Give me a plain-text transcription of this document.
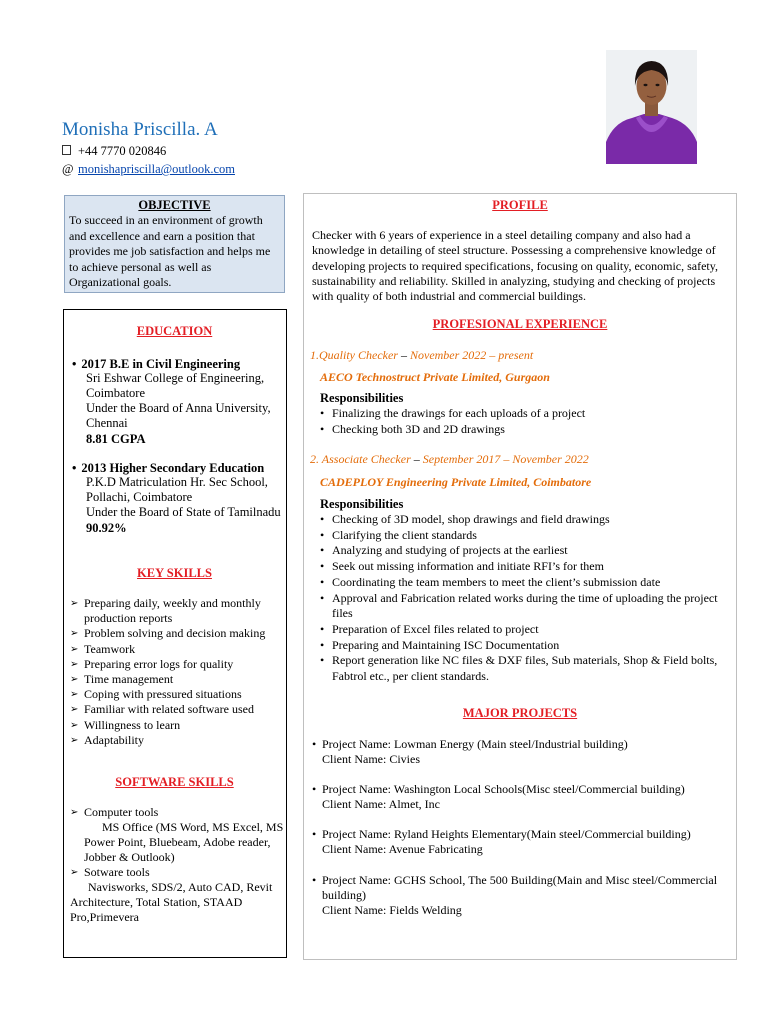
Monisha Priscilla. A
+44 7770 020846
@ monishapriscilla@outlook.com
OBJECTIVE
To succeed in an environment of growth and excellence and earn a position that provides me job satisfaction and helps me to achieve personal as well as Organizational goals.
EDUCATION
• 2017 B.E in Civil Engineering
Sri Eshwar College of Engineering,
Coimbatore
Under the Board of Anna University,
Chennai
8.81 CGPA
• 2013 Higher Secondary Education
P.K.D Matriculation Hr. Sec School,
Pollachi, Coimbatore
Under the Board of State of Tamilnadu
90.92%
KEY SKILLS
➢ Preparing daily, weekly and monthly production reports
➢ Problem solving and decision making
➢ Teamwork
➢ Preparing error logs for quality
➢ Time management
➢ Coping with pressured situations
➢ Familiar with related software used
➢ Willingness to learn
➢ Adaptability
SOFTWARE SKILLS
➢ Computer tools
MS Office (MS Word, MS Excel, MS Power Point, Bluebeam, Adobe reader, Jobber & Outlook)
➢ Sotware tools
Navisworks, SDS/2, Auto CAD, Revit Architecture, Total Station, STAAD Pro,Primevera
PROFILE
Checker with 6 years of experience in a steel detailing company and also had a knowledge in detailing of steel structure. Possessing a comprehensive knowledge of developing projects to required specifications, focusing on quality, economic, safety, sustainability and reliability. Skilled in analyzing, studying and checking of projects with quality of both industrial and commercial buildings.
PROFESIONAL EXPERIENCE
1.Quality Checker – November 2022 – present
AECO Technostruct Private Limited, Gurgaon
Responsibilities
• Finalizing the drawings for each uploads of a project
• Checking both 3D and 2D drawings
2. Associate Checker – September 2017 – November 2022
CADEPLOY Engineering Private Limited, Coimbatore
Responsibilities
• Checking of 3D model, shop drawings and field drawings
• Clarifying the client standards
• Analyzing and studying of projects at the earliest
• Seek out missing information and initiate RFI’s for them
• Coordinating the team members to meet the client’s submission date
• Approval and Fabrication related works during the time of uploading the project files
• Preparation of Excel files related to project
• Preparing and Maintaining ISC Documentation
• Report generation like NC files & DXF files, Sub materials, Shop & Field bolts, Fabtrol etc., per client standards.
MAJOR PROJECTS
• Project Name: Lowman Energy (Main steel/Industrial building)
Client Name: Civies
• Project Name: Washington Local Schools(Misc steel/Commercial building)
Client Name: Almet, Inc
• Project Name: Ryland Heights Elementary(Main steel/Commercial building)
Client Name: Avenue Fabricating
• Project Name: GCHS School, The 500 Building(Main and Misc steel/Commercial building)
Client Name: Fields Welding
